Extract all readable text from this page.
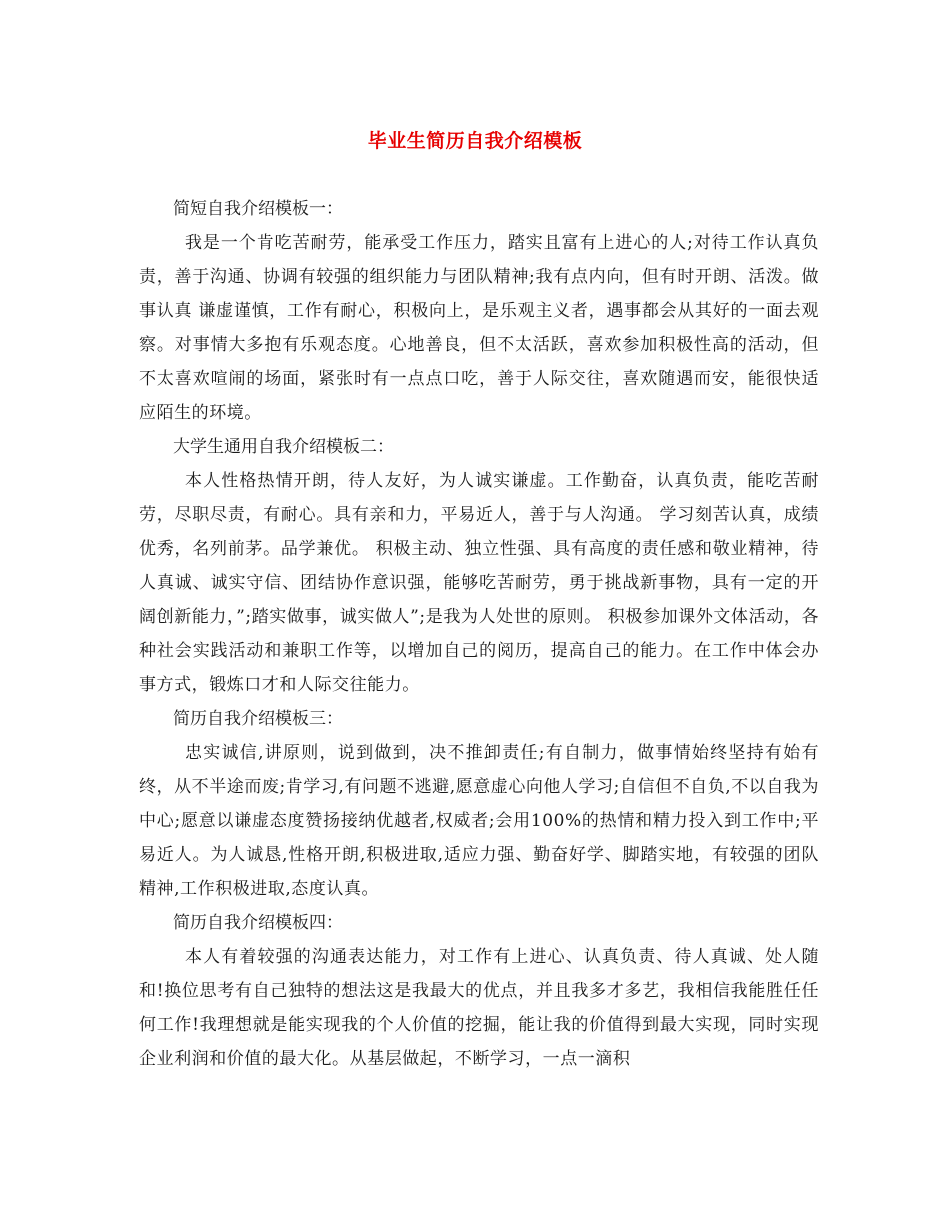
毕业生简历自我介绍模板
简短自我介绍模板一：
我是一个肯吃苦耐劳，能承受工作压力，踏实且富有上进心的人;对待工作认真负责，善于沟通、协调有较强的组织能力与团队精神;我有点内向，但有时开朗、活泼。做事认真 谦虚谨慎，工作有耐心，积极向上，是乐观主义者，遇事都会从其好的一面去观察。对事情大多抱有乐观态度。心地善良，但不太活跃，喜欢参加积极性高的活动，但不太喜欢喧闹的场面，紧张时有一点点口吃，善于人际交往，喜欢随遇而安，能很快适应陌生的环境。
大学生通用自我介绍模板二：
本人性格热情开朗，待人友好，为人诚实谦虚。工作勤奋，认真负责，能吃苦耐劳，尽职尽责，有耐心。具有亲和力，平易近人，善于与人沟通。 学习刻苦认真，成绩优秀，名列前茅。品学兼优。 积极主动、独立性强、具有高度的责任感和敬业精神，待人真诚、诚实守信、团结协作意识强，能够吃苦耐劳，勇于挑战新事物，具有一定的开阔创新能力，”;踏实做事，诚实做人”;是我为人处世的原则。 积极参加课外文体活动，各种社会实践活动和兼职工作等，以增加自己的阅历，提高自己的能力。在工作中体会办事方式，锻炼口才和人际交往能力。
简历自我介绍模板三：
忠实诚信,讲原则，说到做到，决不推卸责任;有自制力，做事情始终坚持有始有终，从不半途而废;肯学习,有问题不逃避,愿意虚心向他人学习;自信但不自负,不以自我为中心;愿意以谦虚态度赞扬接纳优越者,权威者;会用100%的热情和精力投入到工作中;平易近人。为人诚恳,性格开朗,积极进取,适应力强、勤奋好学、脚踏实地，有较强的团队精神,工作积极进取,态度认真。
简历自我介绍模板四：
本人有着较强的沟通表达能力，对工作有上进心、认真负责、待人真诚、处人随和!换位思考有自己独特的想法这是我最大的优点，并且我多才多艺，我相信我能胜任任何工作!我理想就是能实现我的个人价值的挖掘，能让我的价值得到最大实现，同时实现企业利润和价值的最大化。从基层做起，不断学习，一点一滴积
